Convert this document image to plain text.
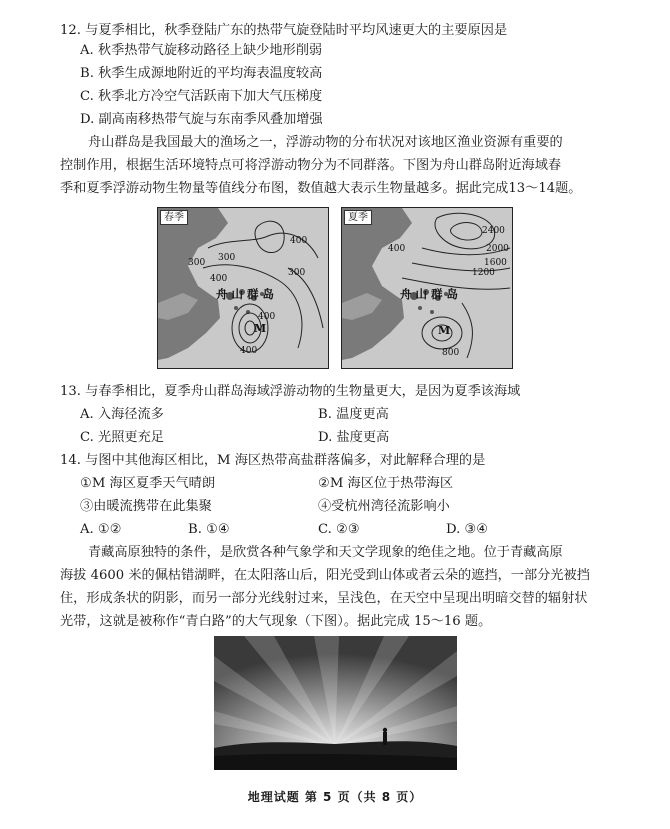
12. 与夏季相比，秋季登陆广东的热带气旋登陆时平均风速更大的主要原因是
A. 秋季热带气旋移动路径上缺少地形削弱
B. 秋季生成源地附近的平均海表温度较高
C. 秋季北方冷空气活跃南下加大气压梯度
D. 副高南移热带气旋与东南季风叠加增强
舟山群岛是我国最大的渔场之一，浮游动物的分布状况对该地区渔业资源有重要的
控制作用，根据生活环境特点可将浮游动物分为不同群落。下图为舟山群岛附近海域春
季和夏季浮游动物生物量等值线分布图，数值越大表示生物量越多。据此完成13～14题。
春季
300
400
300
300
400
400
400
舟 山 群 岛
M
夏季
2400
2000
1600
1200
400
800
舟 山 群 岛
M
13. 与春季相比，夏季舟山群岛海域浮游动物的生物量更大，是因为夏季该海域
A. 入海径流多	B. 温度更高
C. 光照更充足	D. 盐度更高
14. 与图中其他海区相比，M 海区热带高盐群落偏多，对此解释合理的是
①M 海区夏季天气晴朗	②M 海区位于热带海区
③由暖流携带在此集聚	④受杭州湾径流影响小
A. ①②	B. ①④	C. ②③	D. ③④
青藏高原独特的条件，是欣赏各种气象学和天文学现象的绝佳之地。位于青藏高原
海拔 4600 米的佩枯错湖畔，在太阳落山后，阳光受到山体或者云朵的遮挡，一部分光被挡
住，形成条状的阴影，而另一部分光线射过来，呈浅色，在天空中呈现出明暗交替的辐射状
光带，这就是被称作“青白路”的大气现象（下图）。据此完成 15～16 题。
地理试题 第 5 页（共 8 页）
